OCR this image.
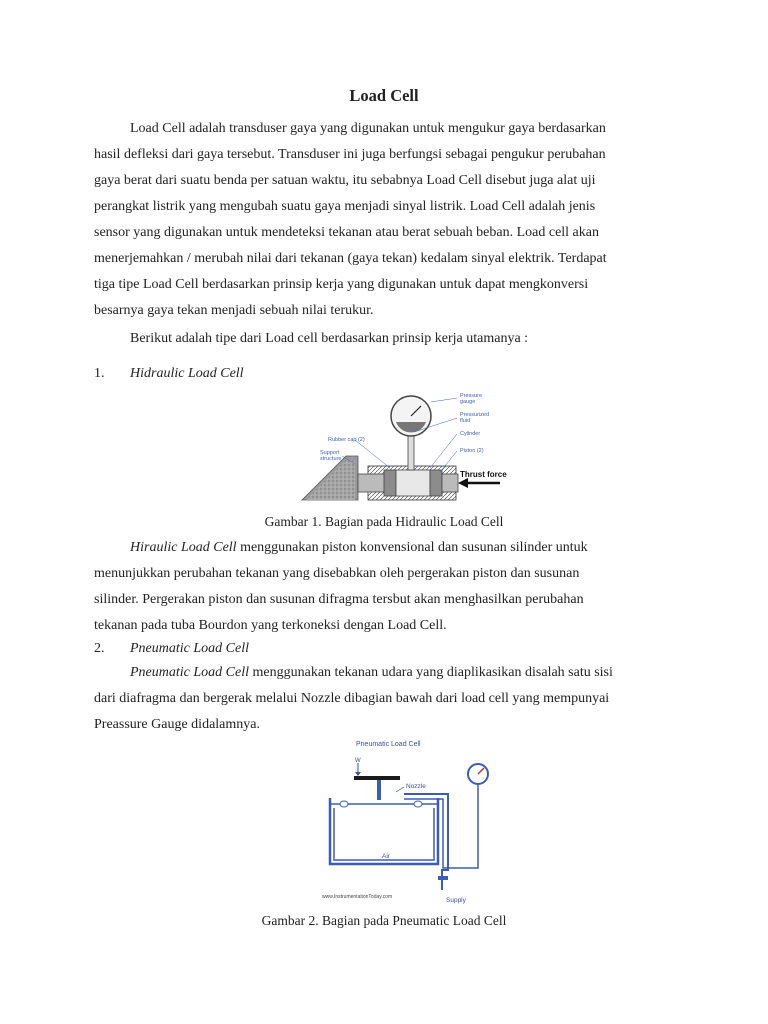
Load Cell
Load Cell adalah transduser gaya yang digunakan untuk mengukur gaya berdasarkan
hasil defleksi dari gaya tersebut. Transduser ini juga berfungsi sebagai pengukur perubahan
gaya berat dari suatu benda per satuan waktu, itu sebabnya Load Cell disebut juga alat uji
perangkat listrik yang mengubah suatu gaya menjadi sinyal listrik. Load Cell adalah jenis
sensor yang digunakan untuk mendeteksi tekanan atau berat sebuah beban. Load cell akan
menerjemahkan / merubah nilai dari tekanan (gaya tekan) kedalam sinyal elektrik. Terdapat
tiga tipe Load Cell berdasarkan prinsip kerja yang digunakan untuk dapat mengkonversi
besarnya gaya tekan menjadi sebuah nilai terukur.
Berikut adalah tipe dari Load cell berdasarkan prinsip kerja utamanya :
1. Hidraulic Load Cell
Pressure
gauge
Pressurized
fluid
Cylinder
Piston (2)
Rubber cap (2)
Support
structure
Thrust force
Gambar 1. Bagian pada Hidraulic Load Cell
Hiraulic Load Cell menggunakan piston konvensional dan susunan silinder untuk
menunjukkan perubahan tekanan yang disebabkan oleh pergerakan piston dan susunan
silinder. Pergerakan piston dan susunan difragma tersbut akan menghasilkan perubahan
tekanan pada tuba Bourdon yang terkoneksi dengan Load Cell.
2. Pneumatic Load Cell
Pneumatic Load Cell menggunakan tekanan udara yang diaplikasikan disalah satu sisi
dari diafragma dan bergerak melalui Nozzle dibagian bawah dari load cell yang mempunyai
Preassure Gauge didalamnya.
Pneumatic Load Cell
W
Nozzle
Air
Supply
www.InstrumentationToday.com
Gambar 2. Bagian pada Pneumatic Load Cell
